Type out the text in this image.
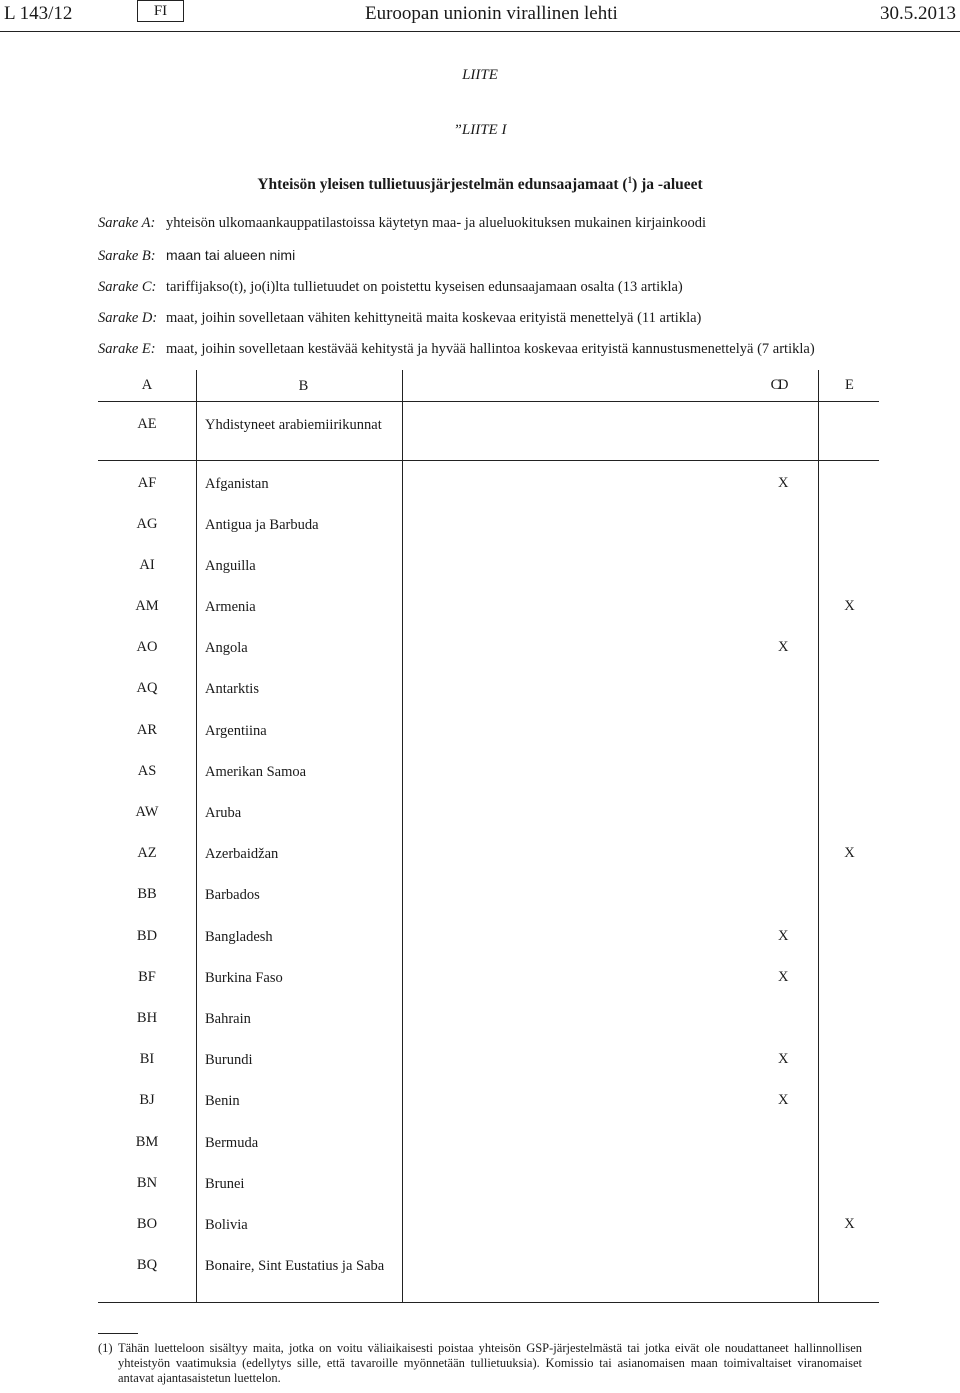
L 143/12	FI	Euroopan unionin virallinen lehti	30.5.2013
LIITE
”LIITE I
Yhteisön yleisen tullietuusjärjestelmän edunsaajamaat ($^1$) ja -alueet
Sarake A: yhteisön ulkomaankauppatilastoissa käytetyn maa- ja alueluokituksen mukainen kirjainkoodi
Sarake B: maan tai alueen nimi
Sarake C: tariffijakso(t), jo(i)lta tullietuudet on poistettu kyseisen edunsaajamaan osalta (13 artikla)
Sarake D: maat, joihin sovelletaan vähiten kehittyneitä maita koskevaa erityistä menettelyä (11 artikla)
Sarake E: maat, joihin sovelletaan kestävää kehitystä ja hyvää hallintoa koskevaa erityistä kannustusmenettelyä (7 artikla)
A	B	C	D	E
AE	Yhdistyneet arabiemiirikunnat			
AF	Afganistan		X	
AG	Antigua ja Barbuda			
AI	Anguilla			
AM	Armenia			X
AO	Angola		X	
AQ	Antarktis			
AR	Argentiina			
AS	Amerikan Samoa			
AW	Aruba			
AZ	Azerbaidžan			X
BB	Barbados			
BD	Bangladesh		X	
BF	Burkina Faso		X	
BH	Bahrain			
BI	Burundi		X	
BJ	Benin		X	
BM	Bermuda			
BN	Brunei			
BO	Bolivia			X
BQ	Bonaire, Sint Eustatius ja Saba			
(1) Tähän luetteloon sisältyy maita, jotka on voitu väliaikaisesti poistaa yhteisön GSP-järjestelmästä tai jotka eivät ole noudattaneet hallinnollisen yhteistyön vaatimuksia (edellytys sille, että tavaroille myönnetään tullietuuksia). Komissio tai asianomaisen maan toimivaltaiset viranomaiset antavat ajantasaistetun luettelon.
